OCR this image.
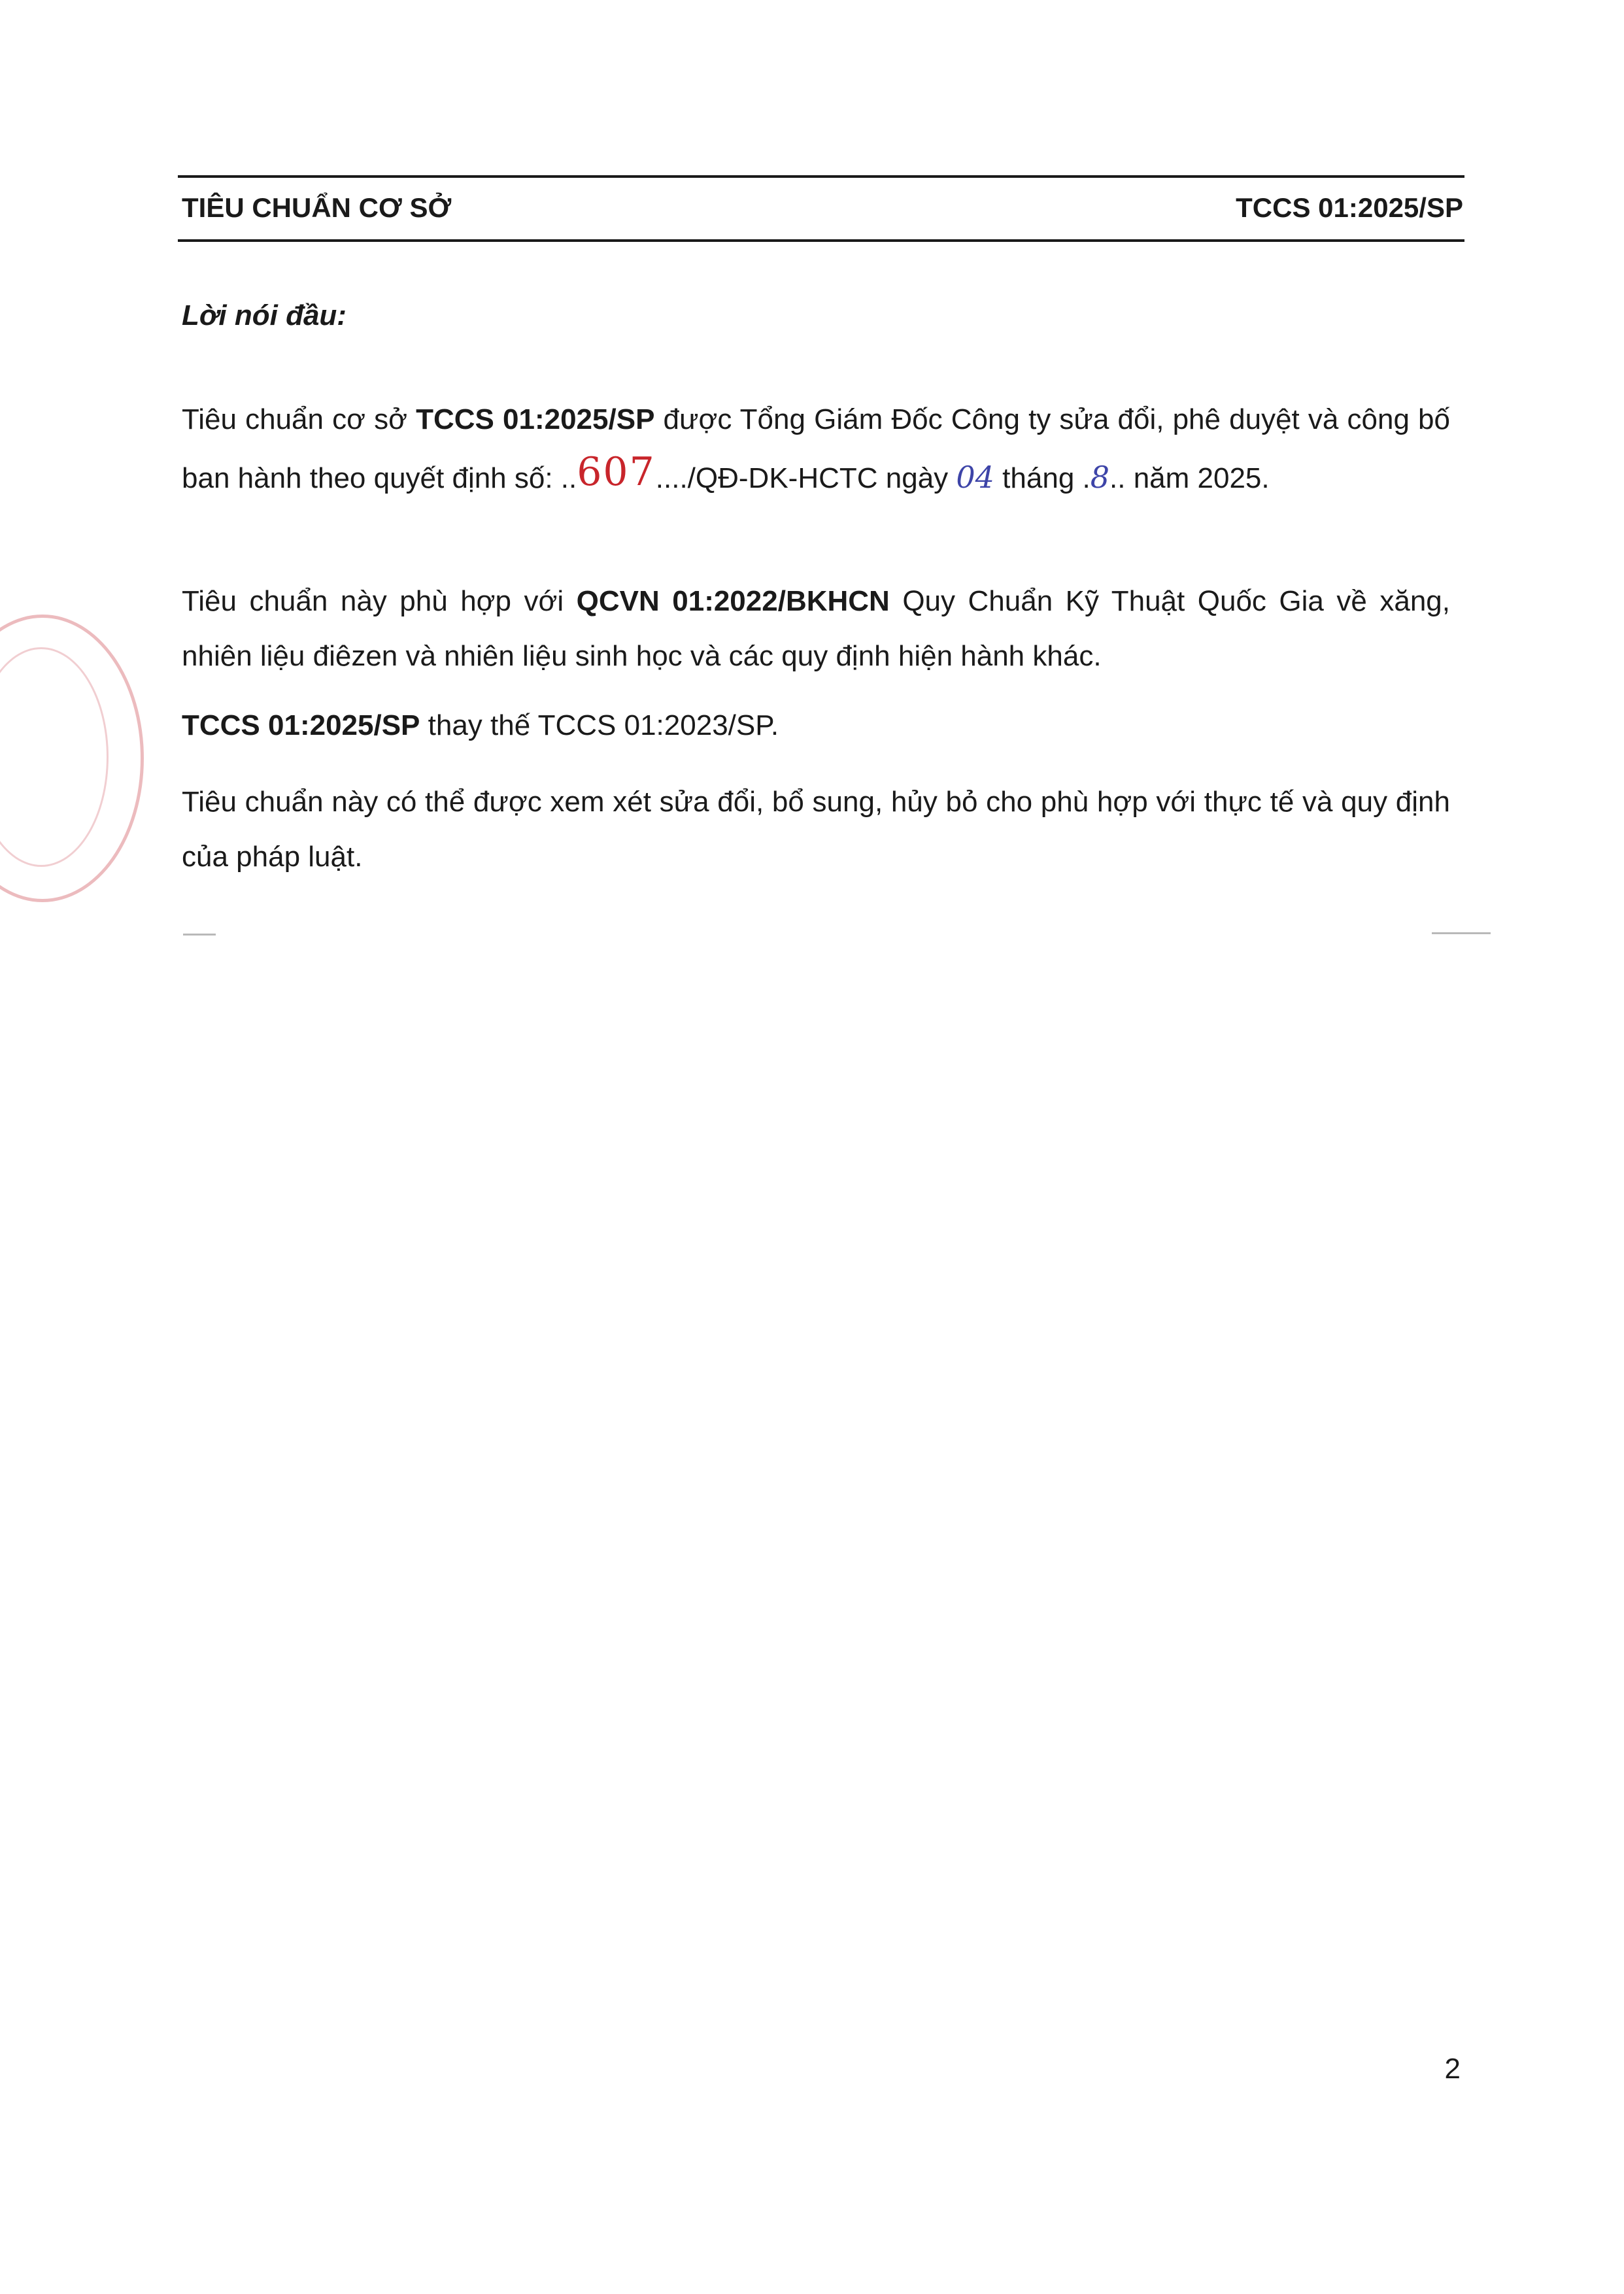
TIÊU CHUẨN CƠ SỞ	TCCS 01:2025/SP
Lời nói đầu:

Tiêu chuẩn cơ sở TCCS 01:2025/SP được Tổng Giám Đốc Công ty sửa đổi, phê duyệt và công bố ban hành theo quyết định số: ..607..../QĐ-DK-HCTC ngày 04 tháng .8.. năm 2025.

Tiêu chuẩn này phù hợp với QCVN 01:2022/BKHCN Quy Chuẩn Kỹ Thuật Quốc Gia về xăng, nhiên liệu điêzen và nhiên liệu sinh học và các quy định hiện hành khác.

TCCS 01:2025/SP thay thế TCCS 01:2023/SP.

Tiêu chuẩn này có thể được xem xét sửa đổi, bổ sung, hủy bỏ cho phù hợp với thực tế và quy định của pháp luật.

2
